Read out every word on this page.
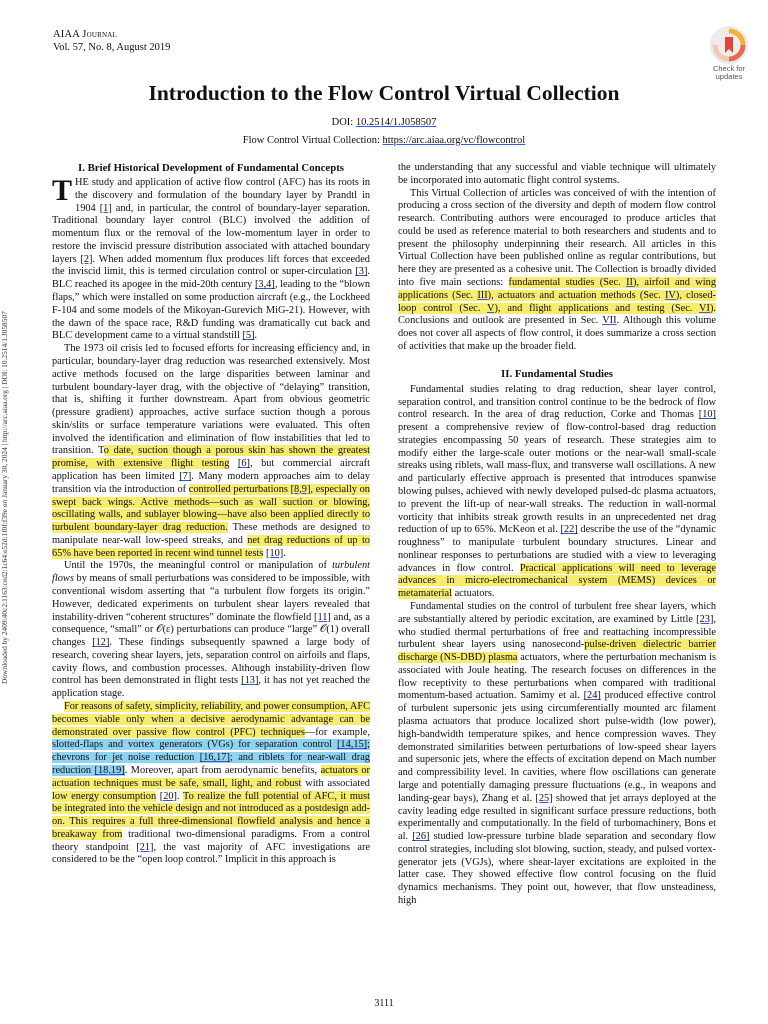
AIAA Journal
Vol. 57, No. 8, August 2019
Check for
updates
Downloaded by 2409:40c2:1163:ced2:1c64:e52d:1f0f:f39e on January 30, 2024 | http://arc.aiaa.org | DOI: 10.2514/1.J058507
Introduction to the Flow Control Virtual Collection
DOI: 10.2514/1.J058507
Flow Control Virtual Collection: https://arc.aiaa.org/vc/flowcontrol
I. Brief Historical Development of Fundamental Concepts

THE study and application of active flow control (AFC) has its roots in the discovery and formulation of the boundary layer by Prandtl in 1904 [1] and, in particular, the control of boundary-layer separation. Traditional boundary layer control (BLC) involved the addition of momentum flux or the removal of the low-momentum layer in order to restore the inviscid pressure distribution associated with attached boundary layers [2]. When added momentum flux produces lift forces that exceeded the inviscid limit, this is termed circulation control or super-circulation [3]. BLC reached its apogee in the mid-20th century [3,4], leading to the “blown flaps,” which were installed on some production aircraft (e.g., the Lockheed F-104 and some models of the Mikoyan-Gurevich MiG-21). However, with the dawn of the space race, R&D funding was dramatically cut back and BLC development came to a virtual standstill [5].

The 1973 oil crisis led to focused efforts for increasing efficiency and, in particular, boundary-layer drag reduction was researched extensively. Most active methods focused on the large disparities between laminar and turbulent boundary-layer drag, with the objective of “delaying” transition, that is, shifting it further downstream. Apart from obvious geometric (pressure gradient) approaches, active surface suction though a porous skin/slits or surface temperature variations were evaluated. This often involved the identification and elimination of flow instabilities that led to transition. To date, suction though a porous skin has shown the greatest promise, with extensive flight testing [6], but commercial aircraft application has been limited [7]. Many modern approaches aim to delay transition via the introduction of controlled perturbations [8,9], especially on swept back wings. Active methods—such as wall suction or blowing, oscillating walls, and sublayer blowing—have also been applied directly to turbulent boundary-layer drag reduction. These methods are designed to manipulate near-wall low-speed streaks, and net drag reductions of up to 65% have been reported in recent wind tunnel tests [10].

Until the 1970s, the meaningful control or manipulation of turbulent flows by means of small perturbations was considered to be impossible, with conventional wisdom asserting that “a turbulent flow forgets its origin.” However, dedicated experiments on turbulent shear layers revealed that instability-driven “coherent structures” dominate the flowfield [11] and, as a consequence, “small” or 𝒪(ε) perturbations can produce “large” 𝒪(1) overall changes [12]. These findings subsequently spawned a large body of research, covering shear layers, jets, separation control on airfoils and flaps, cavity flows, and combustion processes. Although instability-driven flow control has been demonstrated in flight tests [13], it has not yet reached the application stage.

For reasons of safety, simplicity, reliability, and power consumption, AFC becomes viable only when a decisive aerodynamic advantage can be demonstrated over passive flow control (PFC) techniques—for example, slotted-flaps and vortex generators (VGs) for separation control [14,15]; chevrons for jet noise reduction [16,17]; and riblets for near-wall drag reduction [18,19]. Moreover, apart from aerodynamic benefits, actuators or actuation techniques must be safe, small, light, and robust with associated low energy consumption [20]. To realize the full potential of AFC, it must be integrated into the vehicle design and not introduced as a postdesign add-on. This requires a full three-dimensional flowfield analysis and hence a breakaway from traditional two-dimensional paradigms. From a control theory standpoint [21], the vast majority of AFC investigations are considered to be the “open loop control.” Implicit in this approach is

the understanding that any successful and viable technique will ultimately be incorporated into automatic flight control systems.

This Virtual Collection of articles was conceived of with the intention of producing a cross section of the diversity and depth of modern flow control research. Contributing authors were encouraged to produce articles that could be used as reference material to both researchers and students and to present the philosophy underpinning their research. All articles in this Virtual Collection have been published online as regular contributions, but here they are presented as a cohesive unit. The Collection is broadly divided into five main sections: fundamental studies (Sec. II), airfoil and wing applications (Sec. III), actuators and actuation methods (Sec. IV), closed-loop control (Sec. V), and flight applications and testing (Sec. VI). Conclusions and outlook are presented in Sec. VII. Although this volume does not cover all aspects of flow control, it does summarize a cross section of activities that make up the broader field.

II. Fundamental Studies

Fundamental studies relating to drag reduction, shear layer control, separation control, and transition control continue to be the bedrock of flow control research. In the area of drag reduction, Corke and Thomas [10] present a comprehensive review of flow-control-based drag reduction strategies encompassing 50 years of research. These strategies aim to modify either the large-scale outer motions or the near-wall small-scale streaks using riblets, wall mass-flux, and transverse wall oscillations. A new and particularly effective approach is presented that introduces spanwise blowing pulses, achieved with newly developed pulsed-dc plasma actuators, to prevent the lift-up of near-wall streaks. The reduction in wall-normal vorticity that inhibits streak growth results in an unprecedented net drag reduction of up to 65%. McKeon et al. [22] describe the use of the “dynamic roughness” to manipulate turbulent boundary structures. Linear and nonlinear responses to perturbations are studied with a view to leveraging advances in flow control. Practical applications will need to leverage advances in micro-electromechanical system (MEMS) devices or metamaterial actuators.

Fundamental studies on the control of turbulent free shear layers, which are substantially altered by periodic excitation, are examined by Little [23], who studied thermal perturbations of free and reattaching incompressible turbulent shear layers using nanosecond-pulse-driven dielectric barrier discharge (NS-DBD) plasma actuators, where the perturbation mechanism is associated with Joule heating. The research focuses on differences in the flow receptivity to these perturbations when compared with traditional momentum-based actuation. Samimy et al. [24] produced effective control of turbulent supersonic jets using circumferentially mounted arc filament plasma actuators that produce localized short pulse-width (low power), high-bandwidth temperature spikes, and hence compression waves. They demonstrated similarities between perturbations of low-speed shear layers and supersonic jets, where the effects of excitation depend on Mach number and compressibility level. In cavities, where flow oscillations can generate large and potentially damaging pressure fluctuations (e.g., in weapons and landing-gear bays), Zhang et al. [25] showed that jet arrays deployed at the cavity leading edge resulted in significant surface pressure reductions, both experimentally and computationally. In the field of turbomachinery, Bons et al. [26] studied low-pressure turbine blade separation and secondary flow control strategies, including slot blowing, suction, steady, and pulsed vortex-generator jets (VGJs), where shear-layer excitations are exploited in the latter case. They showed effective flow control focusing on the fluid dynamics mechanisms. They point out, however, that flow unsteadiness, high

3111
